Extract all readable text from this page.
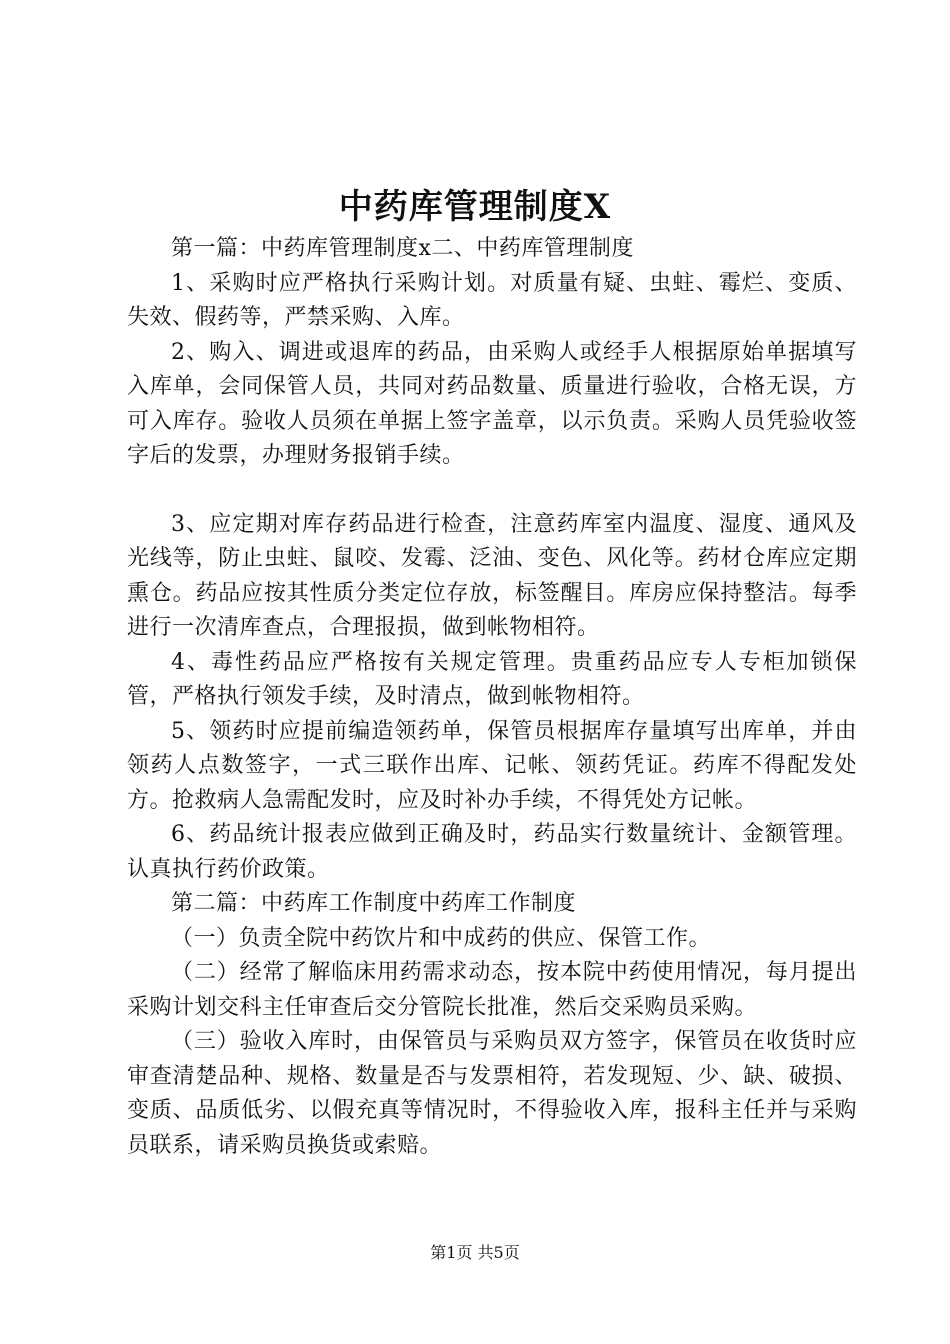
中药库管理制度X

第一篇：中药库管理制度x二、中药库管理制度

1、采购时应严格执行采购计划。对质量有疑、虫蛀、霉烂、变质、失效、假药等，严禁采购、入库。

2、购入、调进或退库的药品，由采购人或经手人根据原始单据填写入库单，会同保管人员，共同对药品数量、质量进行验收，合格无误，方可入库存。验收人员须在单据上签字盖章，以示负责。采购人员凭验收签字后的发票，办理财务报销手续。

3、应定期对库存药品进行检查，注意药库室内温度、湿度、通风及光线等，防止虫蛀、鼠咬、发霉、泛油、变色、风化等。药材仓库应定期熏仓。药品应按其性质分类定位存放，标签醒目。库房应保持整洁。每季进行一次清库查点，合理报损，做到帐物相符。

4、毒性药品应严格按有关规定管理。贵重药品应专人专柜加锁保管，严格执行领发手续，及时清点，做到帐物相符。

5、领药时应提前编造领药单，保管员根据库存量填写出库单，并由领药人点数签字，一式三联作出库、记帐、领药凭证。药库不得配发处方。抢救病人急需配发时，应及时补办手续，不得凭处方记帐。

6、药品统计报表应做到正确及时，药品实行数量统计、金额管理。认真执行药价政策。

第二篇：中药库工作制度中药库工作制度

（一）负责全院中药饮片和中成药的供应、保管工作。

（二）经常了解临床用药需求动态，按本院中药使用情况，每月提出采购计划交科主任审查后交分管院长批准，然后交采购员采购。

（三）验收入库时，由保管员与采购员双方签字，保管员在收货时应审查清楚品种、规格、数量是否与发票相符，若发现短、少、缺、破损、变质、品质低劣、以假充真等情况时，不得验收入库，报科主任并与采购员联系，请采购员换货或索赔。

第1页 共5页
